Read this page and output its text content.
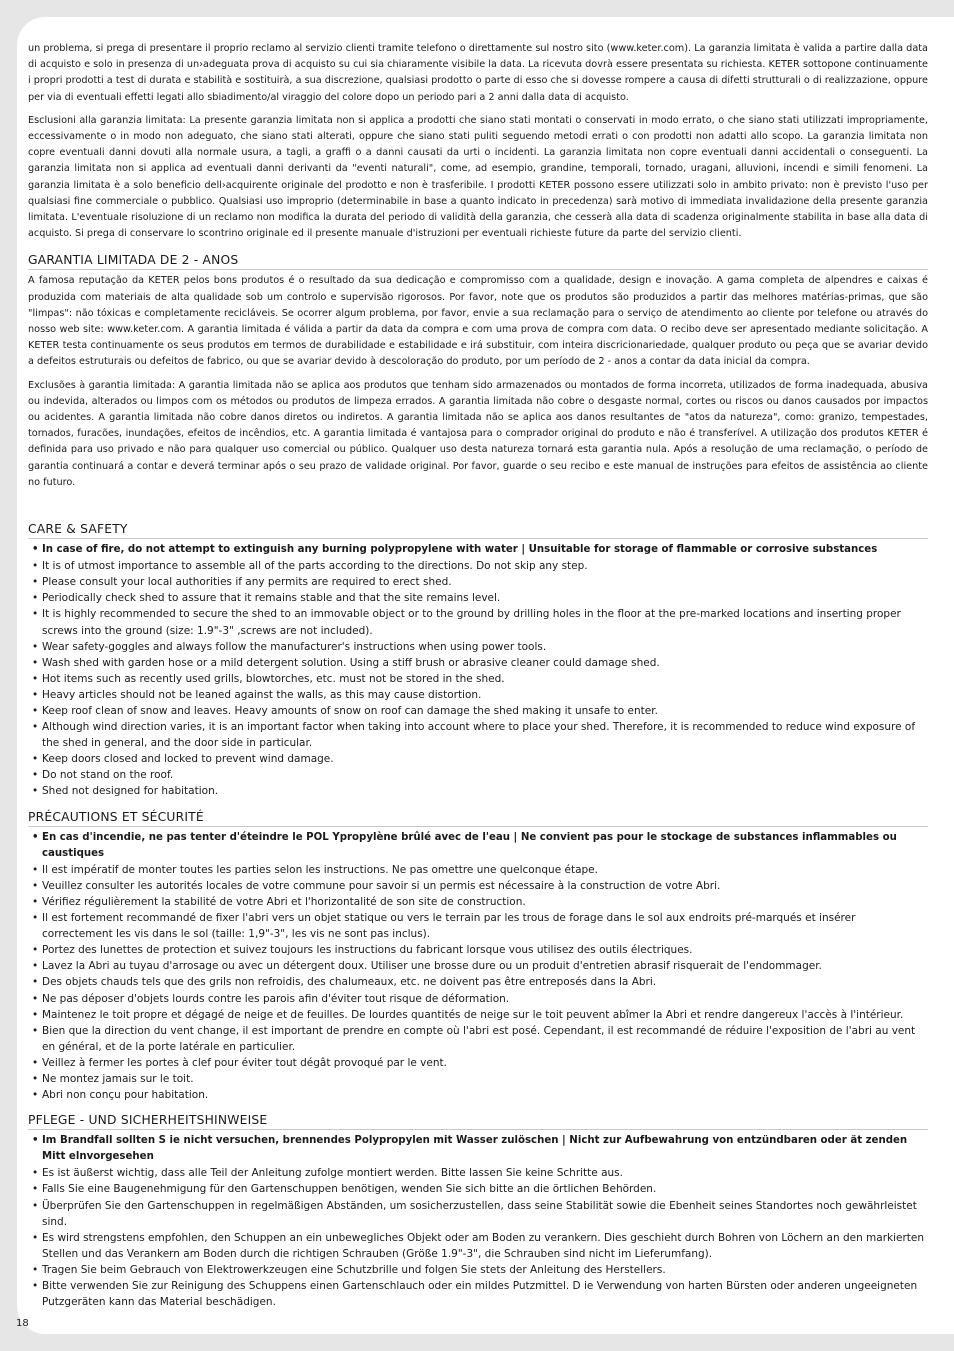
un problema, si prega di presentare il proprio reclamo al servizio clienti tramite telefono o direttamente sul nostro sito (www.keter.com). La garanzia limitata è valida a partire dalla data di acquisto e solo in presenza di un›adeguata prova di acquisto su cui sia chiaramente visibile la data. La ricevuta dovrà essere presentata su richiesta. KETER sottopone continuamente i propri prodotti a test di durata e stabilità e sostituirà, a sua discrezione, qualsiasi prodotto o parte di esso che si dovesse rompere a causa di difetti strutturali o di realizzazione, oppure per via di eventuali effetti legati allo sbiadimento/al viraggio del colore dopo un periodo pari a 2 anni dalla data di acquisto.

Esclusioni alla garanzia limitata: La presente garanzia limitata non si applica a prodotti che siano stati montati o conservati in modo errato, o che siano stati utilizzati impropriamente, eccessivamente o in modo non adeguato, che siano stati alterati, oppure che siano stati puliti seguendo metodi errati o con prodotti non adatti allo scopo. La garanzia limitata non copre eventuali danni dovuti alla normale usura, a tagli, a graffi o a danni causati da urti o incidenti. La garanzia limitata non copre eventuali danni accidentali o conseguenti. La garanzia limitata non si applica ad eventuali danni derivanti da "eventi naturali", come, ad esempio, grandine, temporali, tornado, uragani, alluvioni, incendi e simili fenomeni. La garanzia limitata è a solo beneficio dell›acquirente originale del prodotto e non è trasferibile. I prodotti KETER possono essere utilizzati solo in ambito privato: non è previsto l'uso per qualsiasi fine commerciale o pubblico. Qualsiasi uso improprio (determinabile in base a quanto indicato in precedenza) sarà motivo di immediata invalidazione della presente garanzia limitata. L'eventuale risoluzione di un reclamo non modifica la durata del periodo di validità della garanzia, che cesserà alla data di scadenza originalmente stabilita in base alla data di acquisto. Si prega di conservare lo scontrino originale ed il presente manuale d'istruzioni per eventuali richieste future da parte del servizio clienti.

GARANTIA LIMITADA DE 2 - ANOS

A famosa reputação da KETER pelos bons produtos é o resultado da sua dedicação e compromisso com a qualidade, design e inovação. A gama completa de alpendres e caixas é produzida com materiais de alta qualidade sob um controlo e supervisão rigorosos. Por favor, note que os produtos são produzidos a partir das melhores matérias-primas, que são "limpas": não tóxicas e completamente recicláveis. Se ocorrer algum problema, por favor, envie a sua reclamação para o serviço de atendimento ao cliente por telefone ou através do nosso web site: www.keter.com. A garantia limitada é válida a partir da data da compra e com uma prova de compra com data. O recibo deve ser apresentado mediante solicitação. A KETER testa continuamente os seus produtos em termos de durabilidade e estabilidade e irá substituir, com inteira discricionariedade, qualquer produto ou peça que se avariar devido a defeitos estruturais ou defeitos de fabrico, ou que se avariar devido à descoloração do produto, por um período de 2 - anos a contar da data inicial da compra.

Exclusões à garantia limitada: A garantia limitada não se aplica aos produtos que tenham sido armazenados ou montados de forma incorreta, utilizados de forma inadequada, abusiva ou indevida, alterados ou limpos com os métodos ou produtos de limpeza errados. A garantia limitada não cobre o desgaste normal, cortes ou riscos ou danos causados por impactos ou acidentes. A garantia limitada não cobre danos diretos ou indiretos. A garantia limitada não se aplica aos danos resultantes de "atos da natureza", como: granizo, tempestades, tornados, furacões, inundações, efeitos de incêndios, etc. A garantia limitada é vantajosa para o comprador original do produto e não é transferível. A utilização dos produtos KETER é definida para uso privado e não para qualquer uso comercial ou público. Qualquer uso desta natureza tornará esta garantia nula. Após a resolução de uma reclamação, o período de garantia continuará a contar e deverá terminar após o seu prazo de validade original. Por favor, guarde o seu recibo e este manual de instruções para efeitos de assistência ao cliente no futuro.

CARE & SAFETY
• In case of fire, do not attempt to extinguish any burning polypropylene with water | Unsuitable for storage of flammable or corrosive substances
• It is of utmost importance to assemble all of the parts according to the directions. Do not skip any step.
• Please consult your local authorities if any permits are required to erect shed.
• Periodically check shed to assure that it remains stable and that the site remains level.
• It is highly recommended to secure the shed to an immovable object or to the ground by drilling holes in the floor at the pre-marked locations and inserting proper screws into the ground (size: 1.9"-3" ,screws are not included).
• Wear safety-goggles and always follow the manufacturer's instructions when using power tools.
• Wash shed with garden hose or a mild detergent solution. Using a stiff brush or abrasive cleaner could damage shed.
• Hot items such as recently used grills, blowtorches, etc. must not be stored in the shed.
• Heavy articles should not be leaned against the walls, as this may cause distortion.
• Keep roof clean of snow and leaves. Heavy amounts of snow on roof can damage the shed making it unsafe to enter.
• Although wind direction varies, it is an important factor when taking into account where to place your shed. Therefore, it is recommended to reduce wind exposure of the shed in general, and the door side in particular.
• Keep doors closed and locked to prevent wind damage.
• Do not stand on the roof.
• Shed not designed for habitation.
PRÉCAUTIONS ET SÉCURITÉ
• En cas d'incendie, ne pas tenter d'éteindre le POL Ypropylène brûlé avec de l'eau | Ne convient pas pour le stockage de substances inflammables ou caustiques
• Il est impératif de monter toutes les parties selon les instructions. Ne pas omettre une quelconque étape.
• Veuillez consulter les autorités locales de votre commune pour savoir si un permis est nécessaire à la construction de votre Abri.
• Vérifiez régulièrement la stabilité de votre Abri et l'horizontalité de son site de construction.
• Il est fortement recommandé de fixer l'abri vers un objet statique ou vers le terrain par les trous de forage dans le sol aux endroits pré-marqués et insérer correctement les vis dans le sol (taille: 1,9"-3", les vis ne sont pas inclus).
• Portez des lunettes de protection et suivez toujours les instructions du fabricant lorsque vous utilisez des outils électriques.
• Lavez la Abri au tuyau d'arrosage ou avec un détergent doux. Utiliser une brosse dure ou un produit d'entretien abrasif risquerait de l'endommager.
• Des objets chauds tels que des grils non refroidis, des chalumeaux, etc. ne doivent pas être entreposés dans la Abri.
• Ne pas déposer d'objets lourds contre les parois afin d'éviter tout risque de déformation.
• Maintenez le toit propre et dégagé de neige et de feuilles. De lourdes quantités de neige sur le toit peuvent abîmer la Abri et rendre dangereux l'accès à l'intérieur.
• Bien que la direction du vent change, il est important de prendre en compte où l'abri est posé. Cependant, il est recommandé de réduire l'exposition de l'abri au vent en général, et de la porte latérale en particulier.
• Veillez à fermer les portes à clef pour éviter tout dégât provoqué par le vent.
• Ne montez jamais sur le toit.
• Abri non conçu pour habitation.
PFLEGE - UND SICHERHEITSHINWEISE
• Im Brandfall sollten S ie nicht versuchen, brennendes Polypropylen mit Wasser zulöschen | Nicht zur Aufbewahrung von entzündbaren oder ät zenden Mitt elnvorgesehen
• Es ist äußerst wichtig, dass alle Teil der Anleitung zufolge montiert werden. Bitte lassen Sie keine Schritte aus.
• Falls Sie eine Baugenehmigung für den Gartenschuppen benötigen, wenden Sie sich bitte an die örtlichen Behörden.
• Überprüfen Sie den Gartenschuppen in regelmäßigen Abständen, um sosicherzustellen, dass seine Stabilität sowie die Ebenheit seines Standortes noch gewährleistet sind.
• Es wird strengstens empfohlen, den Schuppen an ein unbewegliches Objekt oder am Boden zu verankern. Dies geschieht durch Bohren von Löchern an den markierten Stellen und das Verankern am Boden durch die richtigen Schrauben (Größe 1.9"-3", die Schrauben sind nicht im Lieferumfang).
• Tragen Sie beim Gebrauch von Elektrowerkzeugen eine Schutzbrille und folgen Sie stets der Anleitung des Herstellers.
• Bitte verwenden Sie zur Reinigung des Schuppens einen Gartenschlauch oder ein mildes Putzmittel. D ie Verwendung von harten Bürsten oder anderen ungeeigneten Putzgeräten kann das Material beschädigen.
18
